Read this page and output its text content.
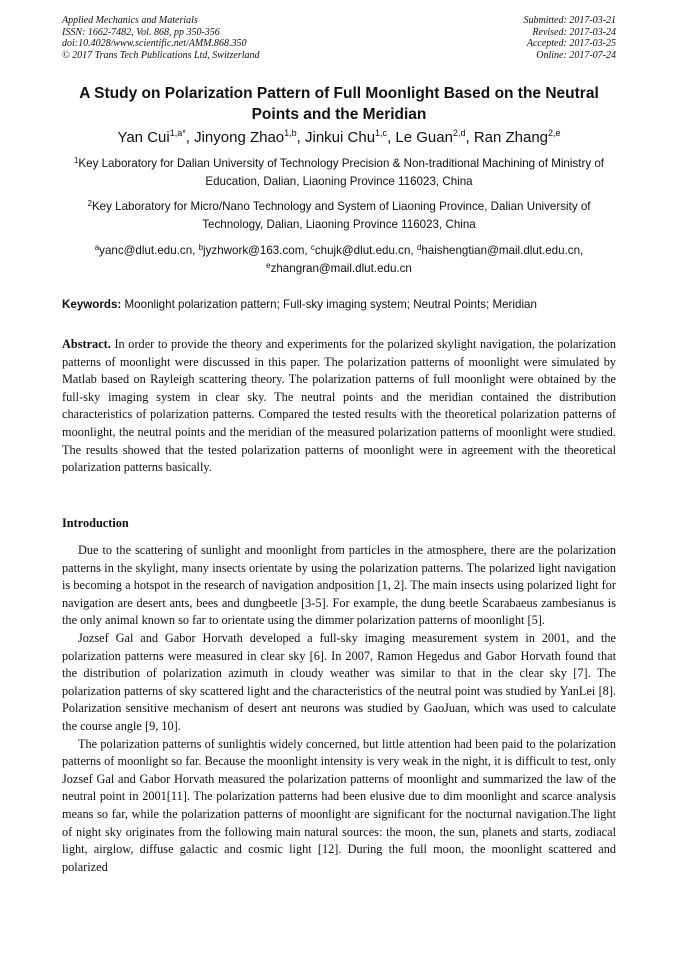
Applied Mechanics and Materials
ISSN: 1662-7482, Vol. 868, pp 350-356
doi:10.4028/www.scientific.net/AMM.868.350
© 2017 Trans Tech Publications Ltd, Switzerland
Submitted: 2017-03-21
Revised: 2017-03-24
Accepted: 2017-03-25
Online: 2017-07-24
A Study on Polarization Pattern of Full Moonlight Based on the Neutral Points and the Meridian
Yan Cui$^{1,a*}$, Jinyong Zhao$^{1,b}$, Jinkui Chu$^{1,c}$, Le Guan$^{2,d}$, Ran Zhang$^{2,e}$
$^1$Key Laboratory for Dalian University of Technology Precision & Non-traditional Machining of Ministry of Education, Dalian, Liaoning Province 116023, China
$^2$Key Laboratory for Micro/Nano Technology and System of Liaoning Province, Dalian University of Technology, Dalian, Liaoning Province 116023, China
$^a$yanc@dlut.edu.cn, $^b$jyzhwork@163.com, $^c$chujk@dlut.edu.cn, $^d$haishengtian@mail.dlut.edu.cn,
$^e$zhangran@mail.dlut.edu.cn
Keywords: Moonlight polarization pattern; Full-sky imaging system; Neutral Points; Meridian
Abstract. In order to provide the theory and experiments for the polarized skylight navigation, the polarization patterns of moonlight were discussed in this paper. The polarization patterns of moonlight were simulated by Matlab based on Rayleigh scattering theory. The polarization patterns of full moonlight were obtained by the full-sky imaging system in clear sky. The neutral points and the meridian contained the distribution characteristics of polarization patterns. Compared the tested results with the theoretical polarization patterns of moonlight, the neutral points and the meridian of the measured polarization patterns of moonlight were studied. The results showed that the tested polarization patterns of moonlight were in agreement with the theoretical polarization patterns basically.
Introduction

Due to the scattering of sunlight and moonlight from particles in the atmosphere, there are the polarization patterns in the skylight, many insects orientate by using the polarization patterns. The polarized light navigation is becoming a hotspot in the research of navigation andposition [1, 2]. The main insects using polarized light for navigation are desert ants, bees and dungbeetle [3-5]. For example, the dung beetle Scarabaeus zambesianus is the only animal known so far to orientate using the dimmer polarization patterns of moonlight [5].

Jozsef Gal and Gabor Horvath developed a full-sky imaging measurement system in 2001, and the polarization patterns were measured in clear sky [6]. In 2007, Ramon Hegedus and Gabor Horvath found that the distribution of polarization azimuth in cloudy weather was similar to that in the clear sky [7]. The polarization patterns of sky scattered light and the characteristics of the neutral point was studied by YanLei [8]. Polarization sensitive mechanism of desert ant neurons was studied by GaoJuan, which was used to calculate the course angle [9, 10].

The polarization patterns of sunlightis widely concerned, but little attention had been paid to the polarization patterns of moonlight so far. Because the moonlight intensity is very weak in the night, it is difficult to test, only Jozsef Gal and Gabor Horvath measured the polarization patterns of moonlight and summarized the law of the neutral point in 2001[11]. The polarization patterns had been elusive due to dim moonlight and scarce analysis means so far, while the polarization patterns of moonlight are significant for the nocturnal navigation.The light of night sky originates from the following main natural sources: the moon, the sun, planets and starts, zodiacal light, airglow, diffuse galactic and cosmic light [12]. During the full moon, the moonlight scattered and polarized
